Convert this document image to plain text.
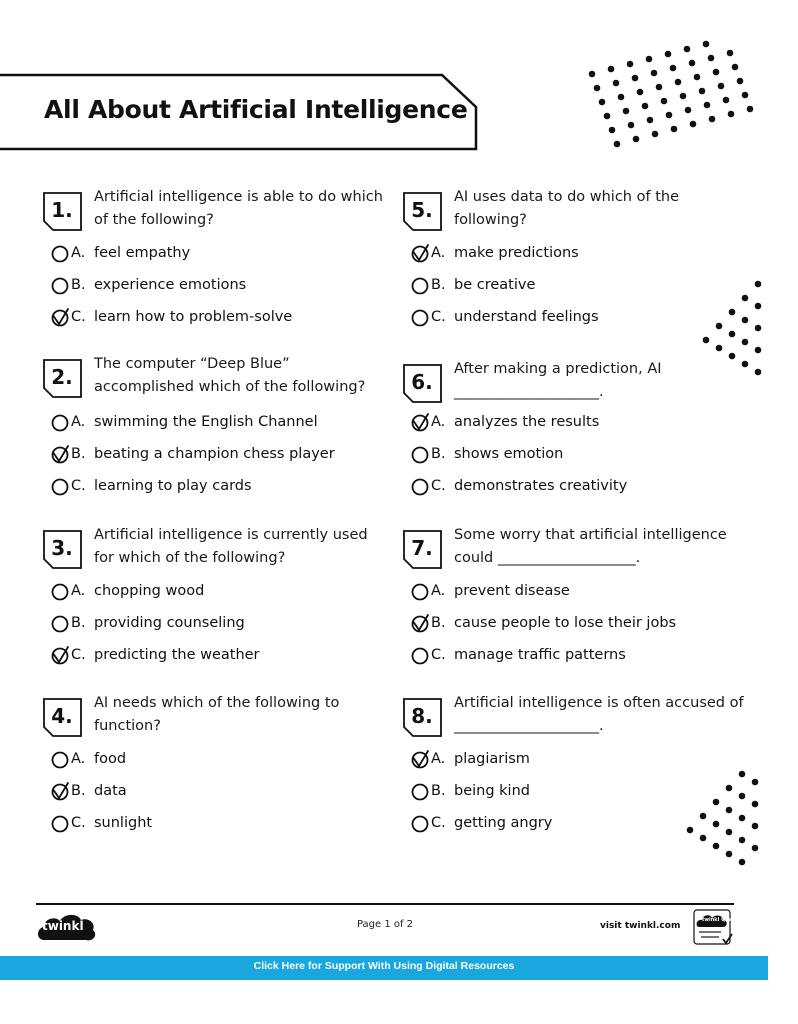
All About Artificial Intelligence
1.
Artificial intelligence is able to do which of the following?
A. feel empathy
B. experience emotions
C. learn how to problem-solve
2.
The computer “Deep Blue” accomplished which of the following?
A. swimming the English Channel
B. beating a champion chess player
C. learning to play cards
3.
Artificial intelligence is currently used for which of the following?
A. chopping wood
B. providing counseling
C. predicting the weather
4.
AI needs which of the following to function?
A. food
B. data
C. sunlight
5.
AI uses data to do which of the following?
A. make predictions
B. be creative
C. understand feelings
6.
After making a prediction, AI ____________________.
A. analyzes the results
B. shows emotion
C. demonstrates creativity
7.
Some worry that artificial intelligence could ___________________.
A. prevent disease
B. cause people to lose their jobs
C. manage traffic patterns
8.
Artificial intelligence is often accused of ____________________.
A. plagiarism
B. being kind
C. getting angry
twinkl	Page 1 of 2	visit twinkl.com
twinkl Quality Standard Approved
Click Here for Support With Using Digital Resources
